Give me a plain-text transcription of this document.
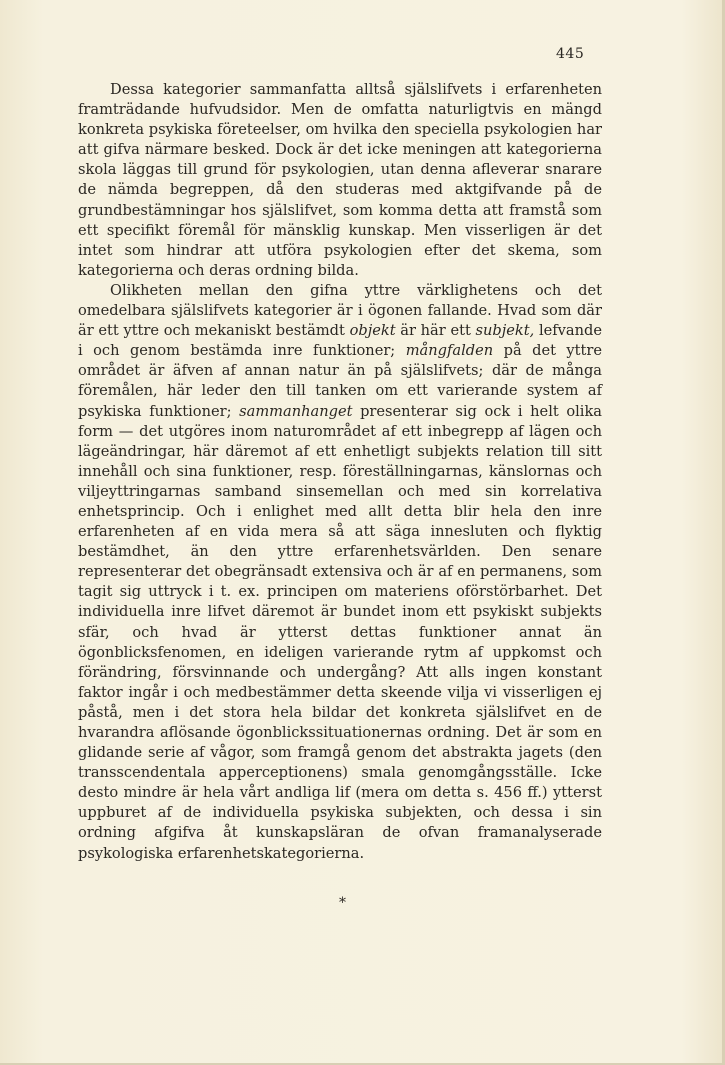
445

Dessa kategorier sammanfatta alltså själslifvets i erfarenheten framträdande hufvudsidor. Men de omfatta naturligtvis en mängd konkreta psykiska företeelser, om hvilka den speciella psykologien har att gifva närmare besked. Dock är det icke meningen att kategorierna skola läggas till grund för psykologien, utan denna afleverar snarare de nämda begreppen, då den studeras med aktgifvande på de grundbestämningar hos själslifvet, som komma detta att framstå som ett specifikt föremål för mänsklig kunskap. Men visserligen är det intet som hindrar att utföra psykologien efter det skema, som kategorierna och deras ordning bilda.

Olikheten mellan den gifna yttre värklighetens och det omedelbara själslifvets kategorier är i ögonen fallande. Hvad som där är ett yttre och mekaniskt bestämdt objekt är här ett subjekt, lefvande i och genom bestämda inre funktioner; mångfalden på det yttre området är äfven af annan natur än på själslifvets; där de många föremålen, här leder den till tanken om ett varierande system af psykiska funktioner; sammanhanget presenterar sig ock i helt olika form — det utgöres inom naturområdet af ett inbegrepp af lägen och lägeändringar, här däremot af ett enhetligt subjekts relation till sitt innehåll och sina funktioner, resp. föreställningarnas, känslornas och viljeyttringarnas samband sinsemellan och med sin korrelativa enhetsprincip. Och i enlighet med allt detta blir hela den inre erfarenheten af en vida mera så att säga innesluten och flyktig bestämdhet, än den yttre erfarenhetsvärlden. Den senare representerar det obegränsadt extensiva och är af en permanens, som tagit sig uttryck i t. ex. principen om materiens oförstörbarhet. Det individuella inre lifvet däremot är bundet inom ett psykiskt subjekts sfär, och hvad är ytterst dettas funktioner annat än ögonblicksfenomen, en ideligen varierande rytm af uppkomst och förändring, försvinnande och undergång? Att alls ingen konstant faktor ingår i och medbestämmer detta skeende vilja vi visserligen ej påstå, men i det stora hela bildar det konkreta själslifvet en de hvarandra aflösande ögonblickssituationernas ordning. Det är som en glidande serie af vågor, som framgå genom det abstrakta jagets (den transscendentala apperceptionens) smala genomgångsställe. Icke desto mindre är hela vårt andliga lif (mera om detta s. 456 ff.) ytterst uppburet af de individuella psykiska subjekten, och dessa i sin ordning afgifva åt kunskapsläran de ofvan framanalyserade psykologiska erfarenhetskategorierna.

*
